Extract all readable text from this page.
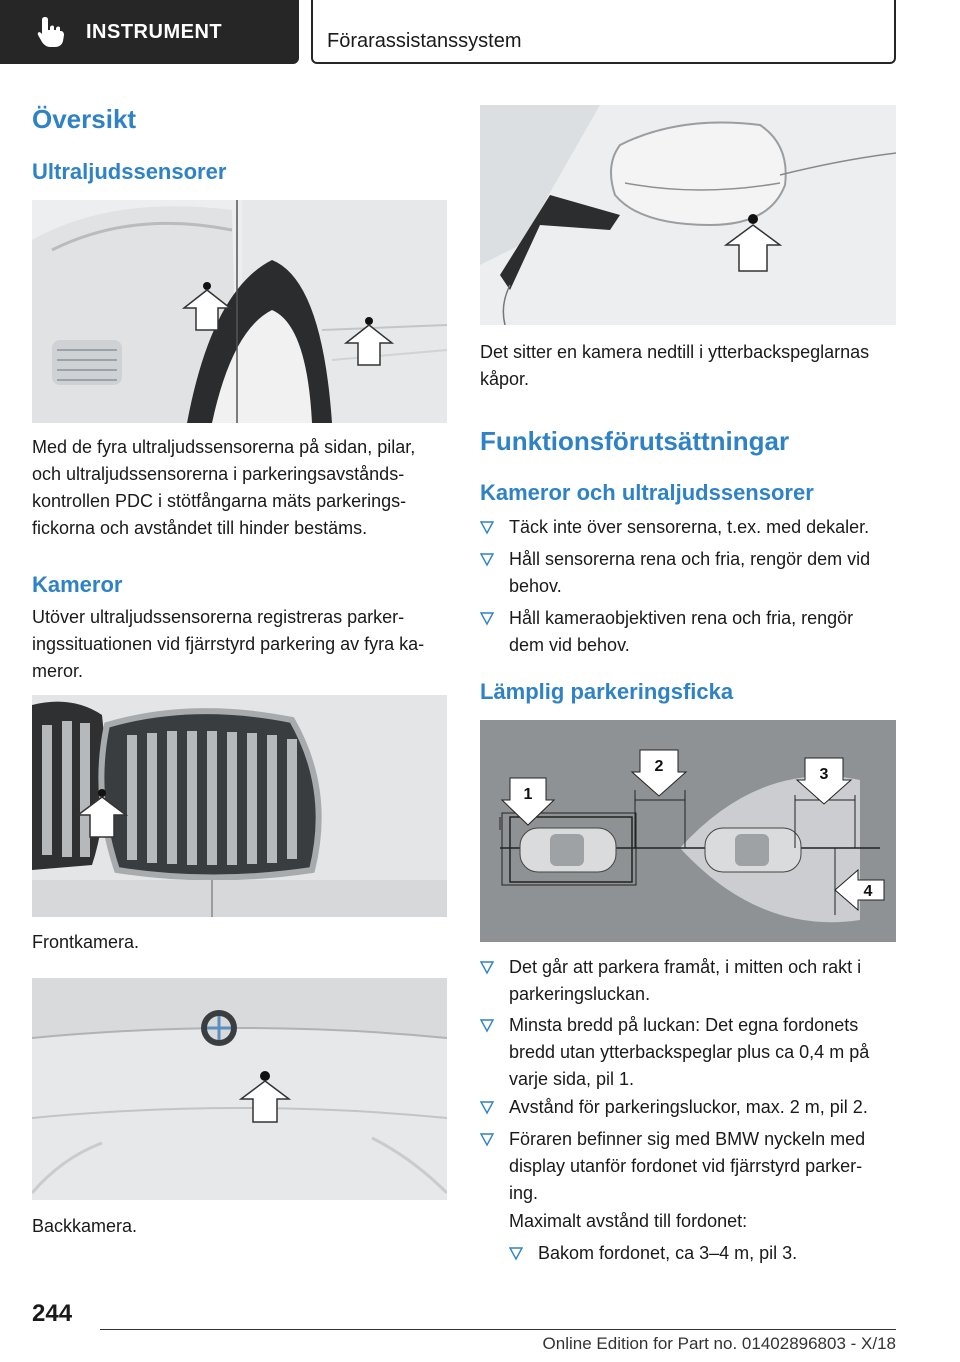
INSTRUMENT	Förarassistanssystem
Översikt
Ultraljudssensorer
Med de fyra ultraljudssensorerna på sidan, pilar,
och ultraljudssensorerna i parkeringsavstånds-
kontrollen PDC i stötfångarna mäts parkerings-
fickorna och avståndet till hinder bestäms.
Kameror
Utöver ultraljudssensorerna registreras parker-
ingssituationen vid fjärrstyrd parkering av fyra ka-
meror.
Frontkamera.
Backkamera.
Det sitter en kamera nedtill i ytterbackspeglarnas
kåpor.
Funktionsförutsättningar
Kameror och ultraljudssensorer
Täck inte över sensorerna, t.ex. med dekaler.
Håll sensorerna rena och fria, rengör dem vid
behov.
Håll kameraobjektiven rena och fria, rengör
dem vid behov.
Lämplig parkeringsficka
1
2	3
4
Det går att parkera framåt, i mitten och rakt i
parkeringsluckan.
Minsta bredd på luckan: Det egna fordonets
bredd utan ytterbackspeglar plus ca 0,4 m på
varje sida, pil 1.
Avstånd för parkeringsluckor, max. 2 m, pil 2.
Föraren befinner sig med BMW nyckeln med
display utanför fordonet vid fjärrstyrd parker-
ing.
Maximalt avstånd till fordonet:
Bakom fordonet, ca 3–4 m, pil 3.
244
Online Edition for Part no. 01402896803 - X/18
